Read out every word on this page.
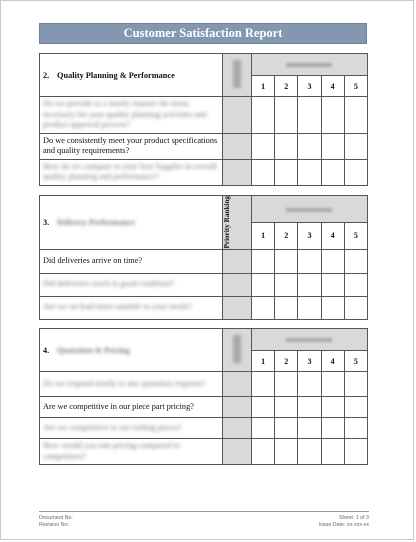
Customer Satisfaction Report
2. Quality Planning & Performance						
		1	2	3	4	5
Do we provide to a timely manner the items necessary for your quality planning activities and product approval process?						
Do we consistently meet your product specifications and quality requirements?						
How do we compare to your best Supplier in overall quality planning and performance?						
3. Delivery Performance	Priority Ranking					

		1	2	3	4	5
Did deliveries arrive on time?						
Did deliveries reach in good condition?						
Are we on lead times suitable to your needs?						
4. Quotation & Pricing						
		1	2	3	4	5
Do we respond timely to any quotation requests?						
Are we competitive in our piece part pricing?						
Are we competitive in our tooling prices?						
How would you rate pricing compared to competitors?						
Document No:
Revision No:
Sheet: 1 of 3
Issue Date: xx-xxx-xx
